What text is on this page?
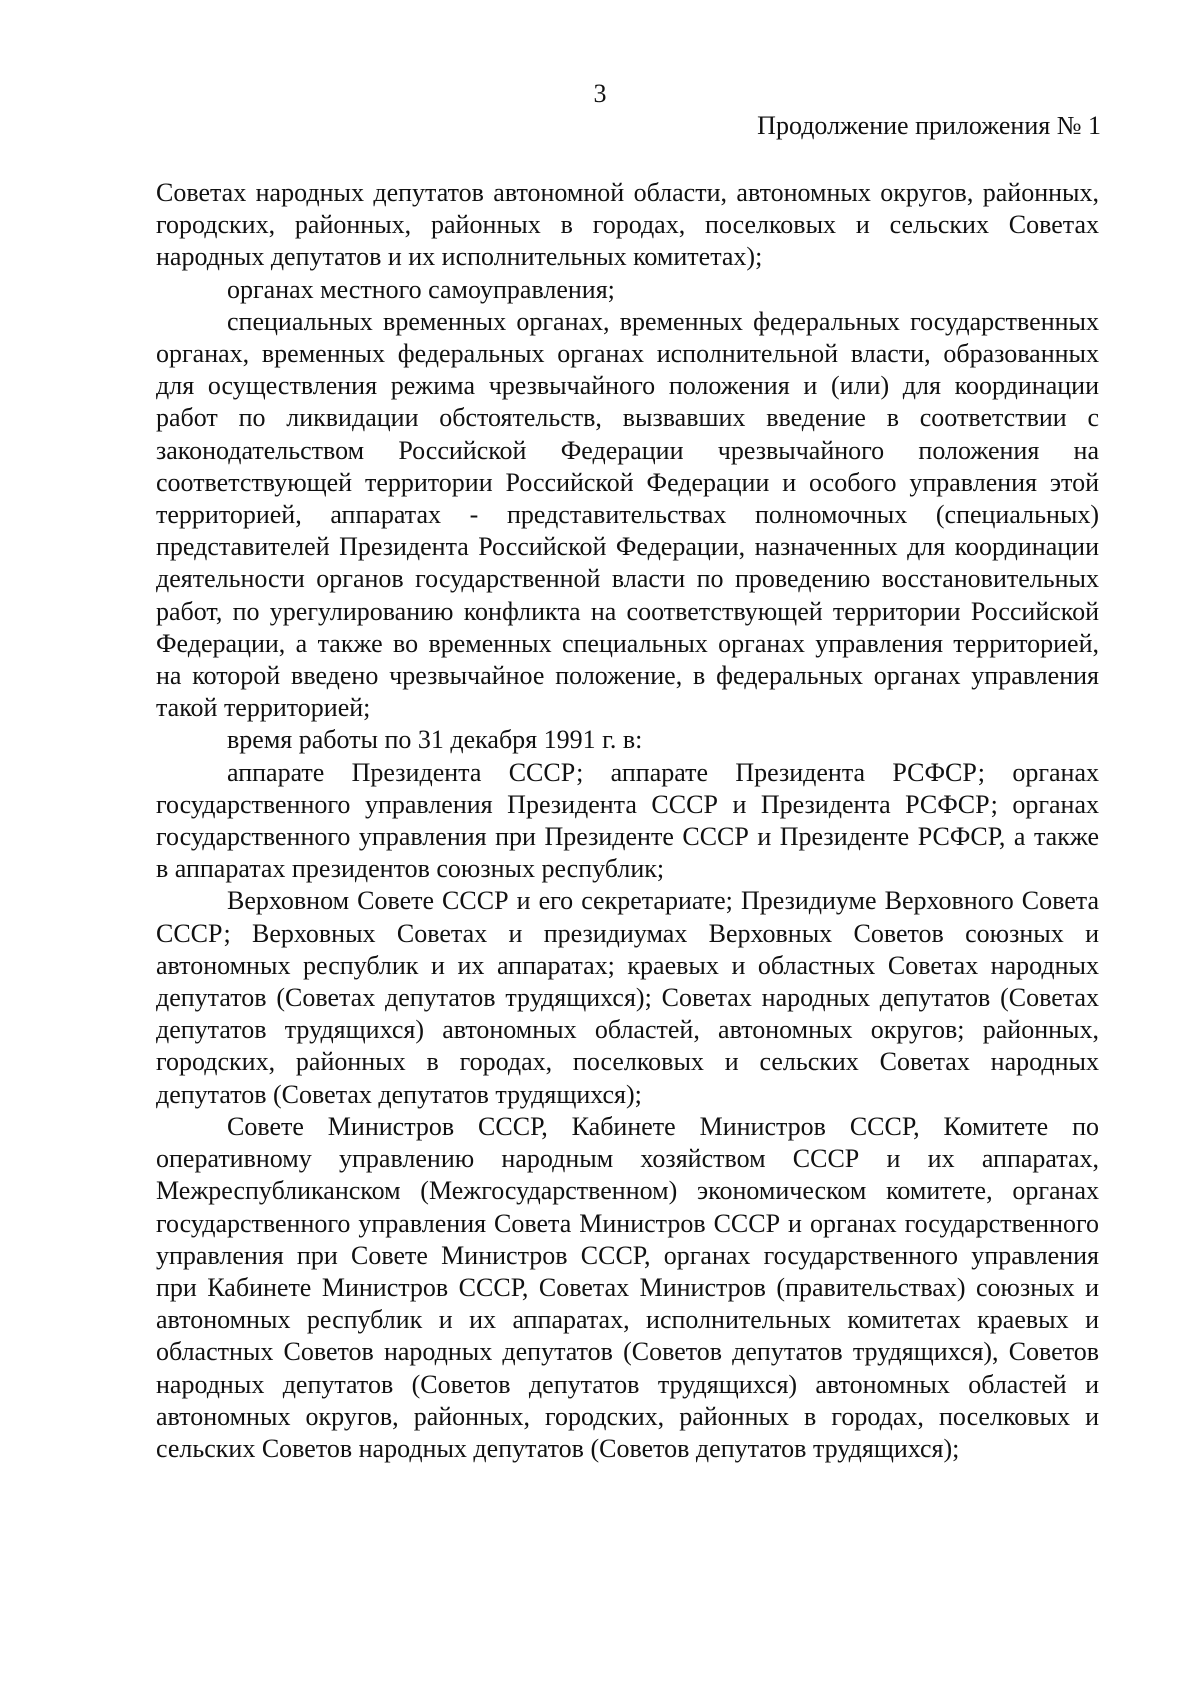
3
Продолжение приложения № 1

Советах народных депутатов автономной области, автономных округов, районных, городских, районных, районных в городах, поселковых и сельских Советах народных депутатов и их исполнительных комитетах);

органах местного самоуправления;

специальных временных органах, временных федеральных государственных органах, временных федеральных органах исполнительной власти, образованных для осуществления режима чрезвычайного положения и (или) для координации работ по ликвидации обстоятельств, вызвавших введение в соответствии с законодательством Российской Федерации чрезвычайного положения на соответствующей территории Российской Федерации и особого управления этой территорией, аппаратах - представительствах полномочных (специальных) представителей Президента Российской Федерации, назначенных для координации деятельности органов государственной власти по проведению восстановительных работ, по урегулированию конфликта на соответствующей территории Российской Федерации, а также во временных специальных органах управления территорией, на которой введено чрезвычайное положение, в федеральных органах управления такой территорией;

время работы по 31 декабря 1991 г. в:

аппарате Президента СССР; аппарате Президента РСФСР; органах государственного управления Президента СССР и Президента РСФСР; органах государственного управления при Президенте СССР и Президенте РСФСР, а также в аппаратах президентов союзных республик;

Верховном Совете СССР и его секретариате; Президиуме Верховного Совета СССР; Верховных Советах и президиумах Верховных Советов союзных и автономных республик и их аппаратах; краевых и областных Советах народных депутатов (Советах депутатов трудящихся); Советах народных депутатов (Советах депутатов трудящихся) автономных областей, автономных округов; районных, городских, районных в городах, поселковых и сельских Советах народных депутатов (Советах депутатов трудящихся);

Совете Министров СССР, Кабинете Министров СССР, Комитете по оперативному управлению народным хозяйством СССР и их аппаратах, Межреспубликанском (Межгосударственном) экономическом комитете, органах государственного управления Совета Министров СССР и органах государственного управления при Совете Министров СССР, органах государственного управления при Кабинете Министров СССР, Советах Министров (правительствах) союзных и автономных республик и их аппаратах, исполнительных комитетах краевых и областных Советов народных депутатов (Советов депутатов трудящихся), Советов народных депутатов (Советов депутатов трудящихся) автономных областей и автономных округов, районных, городских, районных в городах, поселковых и сельских Советов народных депутатов (Советов депутатов трудящихся);
